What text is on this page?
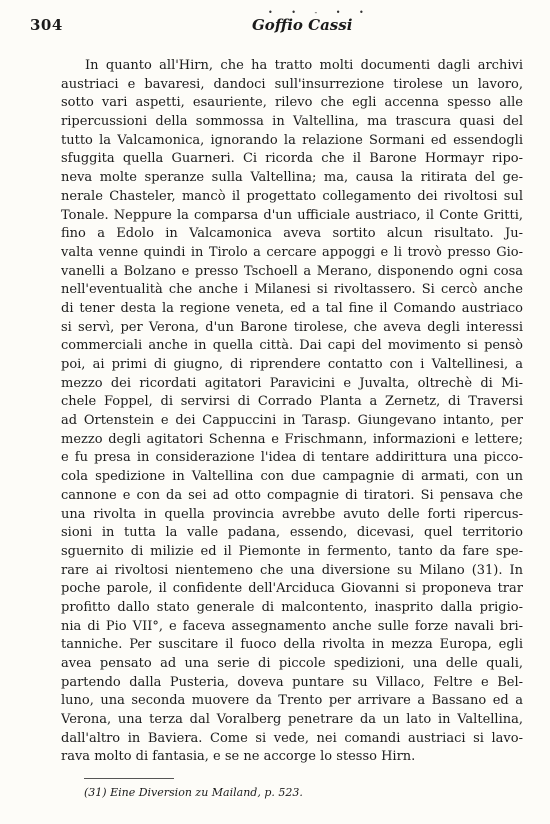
304
• • - • •
Goffio Cassi
In quanto all'Hirn, che ha tratto molti documenti dagli archivi
austriaci e bavaresi, dandoci sull'insurrezione tirolese un lavoro,
sotto vari aspetti, esauriente, rilevo che egli accenna spesso alle
ripercussioni della sommossa in Valtellina, ma trascura quasi del
tutto la Valcamonica, ignorando la relazione Sormani ed essendogli
sfuggita quella Guarneri. Ci ricorda che il Barone Hormayr ripo-
neva molte speranze sulla Valtellina; ma, causa la ritirata del ge-
nerale Chasteler, mancò il progettato collegamento dei rivoltosi sul
Tonale. Neppure la comparsa d'un ufficiale austriaco, il Conte Gritti,
fino a Edolo in Valcamonica aveva sortito alcun risultato. Ju-
valta venne quindi in Tirolo a cercare appoggi e li trovò presso Gio-
vanelli a Bolzano e presso Tschoell a Merano, disponendo ogni cosa
nell'eventualità che anche i Milanesi si rivoltassero. Si cercò anche
di tener desta la regione veneta, ed a tal fine il Comando austriaco
si servì, per Verona, d'un Barone tirolese, che aveva degli interessi
commerciali anche in quella città. Dai capi del movimento si pensò
poi, ai primi di giugno, di riprendere contatto con i Valtellinesi, a
mezzo dei ricordati agitatori Paravicini e Juvalta, oltrechè di Mi-
chele Foppel, di servirsi di Corrado Planta a Zernetz, di Traversi
ad Ortenstein e dei Cappuccini in Tarasp. Giungevano intanto, per
mezzo degli agitatori Schenna e Frischmann, informazioni e lettere;
e fu presa in considerazione l'idea di tentare addirittura una picco-
cola spedizione in Valtellina con due campagnie di armati, con un
cannone e con da sei ad otto compagnie di tiratori. Si pensava che
una rivolta in quella provincia avrebbe avuto delle forti ripercus-
sioni in tutta la valle padana, essendo, dicevasi, quel territorio
sguernito di milizie ed il Piemonte in fermento, tanto da fare spe-
rare ai rivoltosi nientemeno che una diversione su Milano (31). In
poche parole, il confidente dell'Arciduca Giovanni si proponeva trar
profitto dallo stato generale di malcontento, inasprito dalla prigio-
nia di Pio VII°, e faceva assegnamento anche sulle forze navali bri-
tanniche. Per suscitare il fuoco della rivolta in mezza Europa, egli
avea pensato ad una serie di piccole spedizioni, una delle quali,
partendo dalla Pusteria, doveva puntare su Villaco, Feltre e Bel-
luno, una seconda muovere da Trento per arrivare a Bassano ed a
Verona, una terza dal Voralberg penetrare da un lato in Valtellina,
dall'altro in Baviera. Come si vede, nei comandi austriaci si lavo-
rava molto di fantasia, e se ne accorge lo stesso Hirn.
(31) Eine Diversion zu Mailand, p. 523.
